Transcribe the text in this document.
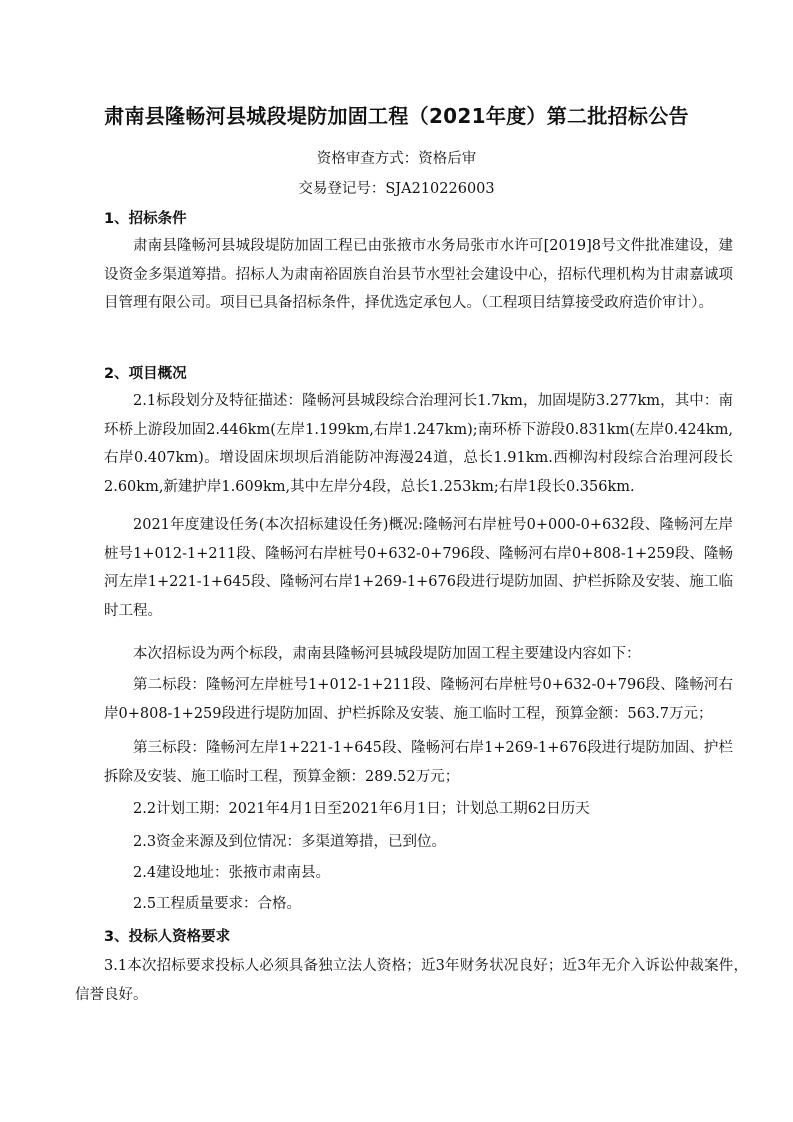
肃南县隆畅河县城段堤防加固工程（2021年度）第二批招标公告
资格审查方式：资格后审
交易登记号：SJA210226003
1、招标条件
肃南县隆畅河县城段堤防加固工程已由张掖市水务局张市水许可[2019]8号文件批准建设，建设资金多渠道筹措。招标人为肃南裕固族自治县节水型社会建设中心，招标代理机构为甘肃嘉诚项目管理有限公司。项目已具备招标条件，择优选定承包人。（工程项目结算接受政府造价审计）。
2、项目概况
2.1标段划分及特征描述：隆畅河县城段综合治理河长1.7km，加固堤防3.277km，其中：南环桥上游段加固2.446km(左岸1.199km,右岸1.247km);南环桥下游段0.831km(左岸0.424km,右岸0.407km)。增设固床坝坝后消能防冲海漫24道，总长1.91km.西柳沟村段综合治理河段长2.60km,新建护岸1.609km,其中左岸分4段，总长1.253km;右岸1段长0.356km.
2021年度建设任务(本次招标建设任务)概况:隆畅河右岸桩号0+000-0+632段、隆畅河左岸桩号1+012-1+211段、隆畅河右岸桩号0+632-0+796段、隆畅河右岸0+808-1+259段、隆畅河左岸1+221-1+645段、隆畅河右岸1+269-1+676段进行堤防加固、护栏拆除及安装、施工临时工程。
本次招标设为两个标段，肃南县隆畅河县城段堤防加固工程主要建设内容如下：
第二标段：隆畅河左岸桩号1+012-1+211段、隆畅河右岸桩号0+632-0+796段、隆畅河右岸0+808-1+259段进行堤防加固、护栏拆除及安装、施工临时工程，预算金额：563.7万元；
第三标段：隆畅河左岸1+221-1+645段、隆畅河右岸1+269-1+676段进行堤防加固、护栏拆除及安装、施工临时工程，预算金额：289.52万元；
2.2计划工期：2021年4月1日至2021年6月1日；计划总工期62日历天
2.3资金来源及到位情况：多渠道筹措，已到位。
2.4建设地址：张掖市肃南县。
2.5工程质量要求：合格。
3、投标人资格要求
3.1本次招标要求投标人必须具备独立法人资格；近3年财务状况良好；近3年无介入诉讼仲裁案件，信誉良好。
